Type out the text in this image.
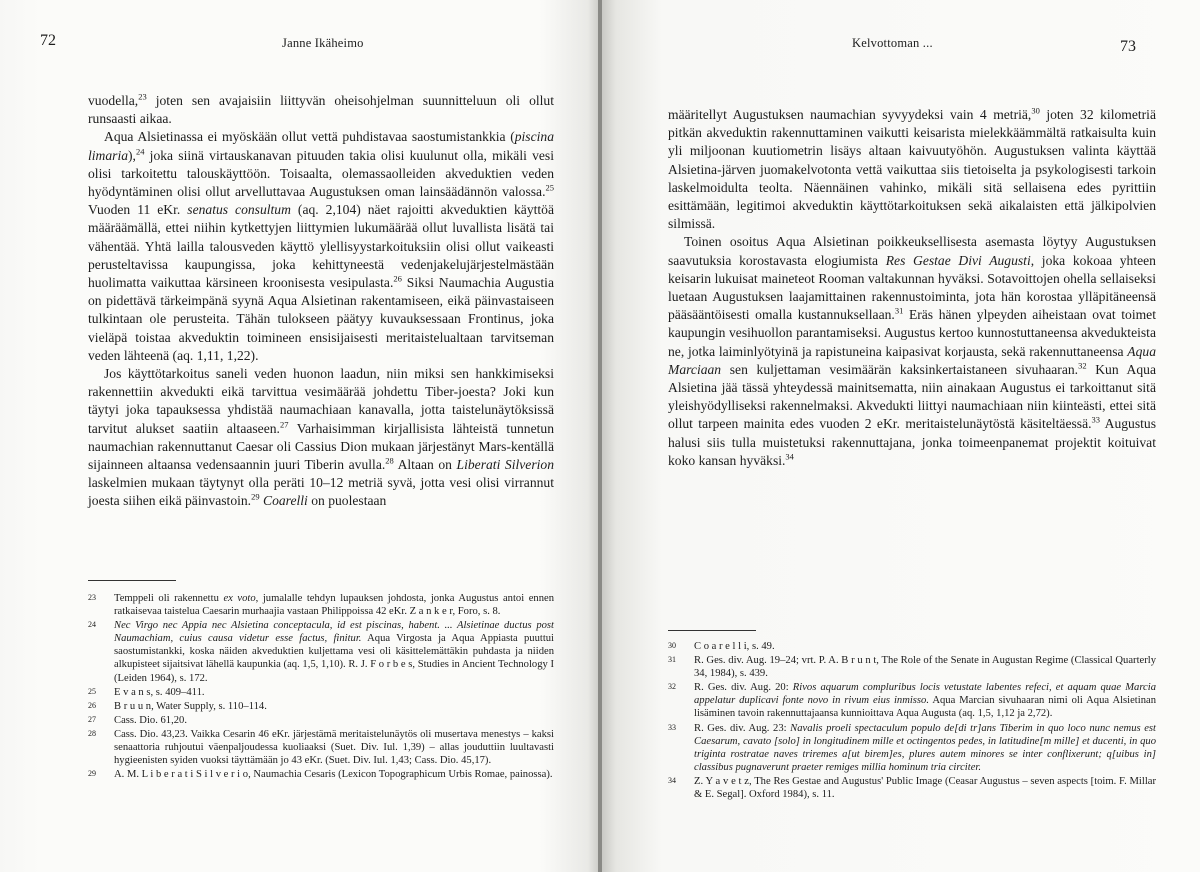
72	Janne Ikäheimo

vuodella,$^{23}$ joten sen avajaisiin liittyvän oheisohjelman suunnitteluun oli ollut runsaasti aikaa.

Aqua Alsietinassa ei myöskään ollut vettä puhdistavaa saostumistankkia (piscina limaria),$^{24}$ joka siinä virtauskanavan pituuden takia olisi kuulunut olla, mikäli vesi olisi tarkoitettu talouskäyttöön. Toisaalta, olemassaolleiden akveduktien veden hyödyntäminen olisi ollut arvelluttavaa Augustuksen oman lainsäädännön valossa.$^{25}$ Vuoden 11 eKr. senatus consultum (aq. 2,104) näet rajoitti akveduktien käyttöä määräämällä, ettei niihin kytkettyjen liittymien lukumäärää ollut luvallista lisätä tai vähentää. Yhtä lailla talousveden käyttö ylellisyystarkoituksiin olisi ollut vaikeasti perusteltavissa kaupungissa, joka kehittyneestä vedenjakelujärjestelmästään huolimatta vaikuttaa kärsineen kroonisesta vesipulasta.$^{26}$ Siksi Naumachia Augustia on pidettävä tärkeimpänä syynä Aqua Alsietinan rakentamiseen, eikä päinvastaiseen tulkintaan ole perusteita. Tähän tulokseen päätyy kuvauksessaan Frontinus, joka vieläpä toistaa akveduktin toimineen ensisijaisesti meritaistelualtaan tarvitseman veden lähteenä (aq. 1,11, 1,22).

Jos käyttötarkoitus saneli veden huonon laadun, niin miksi sen hankkimiseksi rakennettiin akvedukti eikä tarvittua vesimäärää johdettu Tiber-joesta? Joki kun täytyi joka tapauksessa yhdistää naumachiaan kanavalla, jotta taistelunäytöksissä tarvitut alukset saatiin altaaseen.$^{27}$ Varhaisimman kirjallisista lähteistä tunnetun naumachian rakennuttanut Caesar oli Cassius Dion mukaan järjestänyt Mars-kentällä sijainneen altaansa vedensaannin juuri Tiberin avulla.$^{28}$ Altaan on Liberati Silverion laskelmien mukaan täytynyt olla peräti 10–12 metriä syvä, jotta vesi olisi virrannut joesta siihen eikä päinvastoin.$^{29}$ Coarelli on puolestaan

23 Temppeli oli rakennettu ex voto, jumalalle tehdyn lupauksen johdosta, jonka Augustus antoi ennen ratkaisevaa taistelua Caesarin murhaajia vastaan Philippoissa 42 eKr. Z a n k e r, Foro, s. 8.
24 Nec Virgo nec Appia nec Alsietina conceptacula, id est piscinas, habent. ... Alsietinae ductus post Naumachiam, cuius causa videtur esse factus, finitur. Aqua Virgosta ja Aqua Appiasta puuttui saostumistankki, koska näiden akveduktien kuljettama vesi oli käsittelemättäkin puhdasta ja niiden alkupisteet sijaitsivat lähellä kaupunkia (aq. 1,5, 1,10). R. J. F o r b e s, Studies in Ancient Technology I (Leiden 1964), s. 172.
25 E v a n s, s. 409–411.
26 B r u u n, Water Supply, s. 110–114.
27 Cass. Dio. 61,20.
28 Cass. Dio. 43,23. Vaikka Cesarin 46 eKr. järjestämä meritaistelunäytös oli musertava menestys – kaksi senaattoria ruhjoutui väenpaljoudessa kuoliaaksi (Suet. Div. Iul. 1,39) – allas jouduttiin luultavasti hygieenisten syiden vuoksi täyttämään jo 43 eKr. (Suet. Div. Iul. 1,43; Cass. Dio. 45,17).
29 A. M. L i b e r a t i S i l v e r i o, Naumachia Cesaris (Lexicon Topographicum Urbis Romae, painossa).
Kelvottoman ...	73

määritellyt Augustuksen naumachian syvyydeksi vain 4 metriä,$^{30}$ joten 32 kilometriä pitkän akveduktin rakennuttaminen vaikutti keisarista mielekkäämmältä ratkaisulta kuin yli miljoonan kuutiometrin lisäys altaan kaivuutyöhön. Augustuksen valinta käyttää Alsietina-järven juomakelvotonta vettä vaikuttaa siis tietoiselta ja psykologisesti tarkoin laskelmoidulta teolta. Näennäinen vahinko, mikäli sitä sellaisena edes pyrittiin esittämään, legitimoi akveduktin käyttötarkoituksen sekä aikalaisten että jälkipolvien silmissä.

Toinen osoitus Aqua Alsietinan poikkeuksellisesta asemasta löytyy Augustuksen saavutuksia korostavasta elogiumista Res Gestae Divi Augusti, joka kokoaa yhteen keisarin lukuisat maineteot Rooman valtakunnan hyväksi. Sotavoittojen ohella sellaiseksi luetaan Augustuksen laajamittainen rakennustoiminta, jota hän korostaa ylläpitäneensä pääsääntöisesti omalla kustannuksellaan.$^{31}$ Eräs hänen ylpeyden aiheistaan ovat toimet kaupungin vesihuollon parantamiseksi. Augustus kertoo kunnostuttaneensa akvedukteista ne, jotka laiminlyötyinä ja rapistuneina kaipasivat korjausta, sekä rakennuttaneensa Aqua Marciaan sen kuljettaman vesimäärän kaksinkertaistaneen sivuhaaran.$^{32}$ Kun Aqua Alsietina jää tässä yhteydessä mainitsematta, niin ainakaan Augustus ei tarkoittanut sitä yleishyödylliseksi rakennelmaksi. Akvedukti liittyi naumachiaan niin kiinteästi, ettei sitä ollut tarpeen mainita edes vuoden 2 eKr. meritaistelunäytöstä käsiteltäessä.$^{33}$ Augustus halusi siis tulla muistetuksi rakennuttajana, jonka toimeenpanemat projektit koituivat koko kansan hyväksi.$^{34}$

30 C o a r e l l i, s. 49.
31 R. Ges. div. Aug. 19–24; vrt. P. A. B r u n t, The Role of the Senate in Augustan Regime (Classical Quarterly 34, 1984), s. 439.
32 R. Ges. div. Aug. 20: Rivos aquarum compluribus locis vetustate labentes refeci, et aquam quae Marcia appelatur duplicavi fonte novo in rivum eius inmisso. Aqua Marcian sivuhaaran nimi oli Aqua Alsietinan lisäminen tavoin rakennuttajaansa kunnioittava Aqua Augusta (aq. 1,5, 1,12 ja 2,72).
33 R. Ges. div. Aug. 23: Navalis proeli spectaculum populo de[di tr]ans Tiberim in quo loco nunc nemus est Caesarum, cavato [solo] in longitudinem mille et octingentos pedes, in latitudine[m mille] et ducenti, in quo triginta rostratae naves triremes a[ut birem]es, plures autem minores se inter conflixerunt; q[uibus in] classibus pugnaverunt praeter remiges millia hominum tria circiter.
34 Z. Y a v e t z, The Res Gestae and Augustus' Public Image (Ceasar Augustus – seven aspects [toim. F. Millar & E. Segal]. Oxford 1984), s. 11.
